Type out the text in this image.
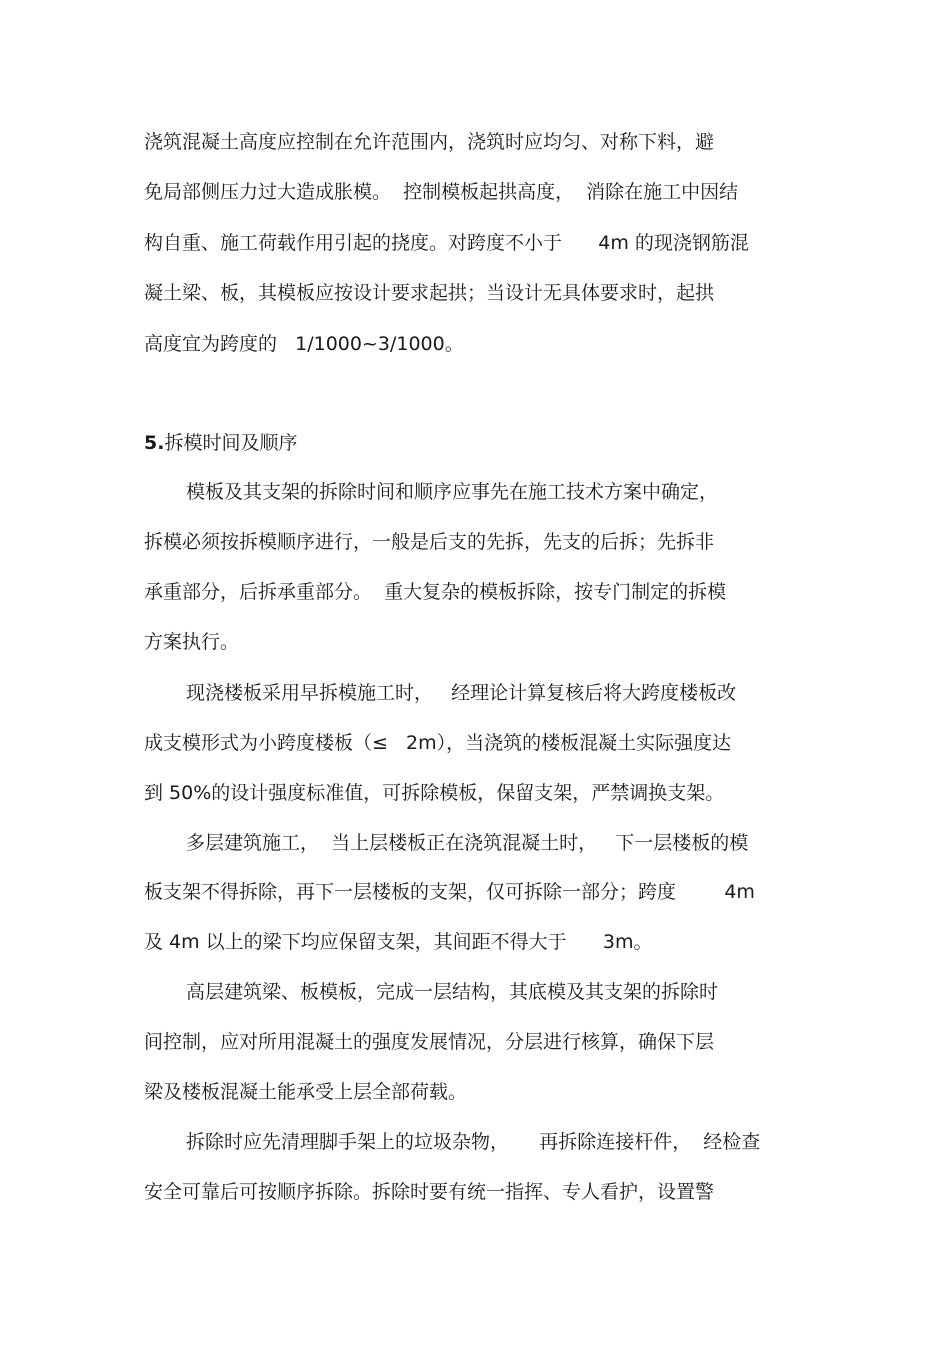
浇筑混凝土高度应控制在允许范围内，浇筑时应均匀、对称下料，避
免局部侧压力过大造成胀模。  控制模板起拱高度，  消除在施工中因结
构自重、施工荷载作用引起的挠度。对跨度不小于      4m 的现浇钢筋混
凝土梁、板，其模板应按设计要求起拱；当设计无具体要求时，起拱
高度宜为跨度的   1/1000~3/1000。
5.拆模时间及顺序
模板及其支架的拆除时间和顺序应事先在施工技术方案中确定，
拆模必须按拆模顺序进行，一般是后支的先拆，先支的后拆；先拆非
承重部分，后拆承重部分。  重大复杂的模板拆除，按专门制定的拆模
方案执行。
现浇楼板采用早拆模施工时，   经理论计算复核后将大跨度楼板改
成支模形式为小跨度楼板（≤   2m），当浇筑的楼板混凝土实际强度达
到 50%的设计强度标准值，可拆除模板，保留支架，严禁调换支架。
多层建筑施工，  当上层楼板正在浇筑混凝土时，   下一层楼板的模
板支架不得拆除，再下一层楼板的支架，仅可拆除一部分；跨度        4m
及 4m 以上的梁下均应保留支架，其间距不得大于      3m。
高层建筑梁、板模板，完成一层结构，其底模及其支架的拆除时
间控制，应对所用混凝土的强度发展情况，分层进行核算，确保下层
梁及楼板混凝土能承受上层全部荷载。
拆除时应先清理脚手架上的垃圾杂物，     再拆除连接杆件，  经检查
安全可靠后可按顺序拆除。拆除时要有统一指挥、专人看护，设置警
